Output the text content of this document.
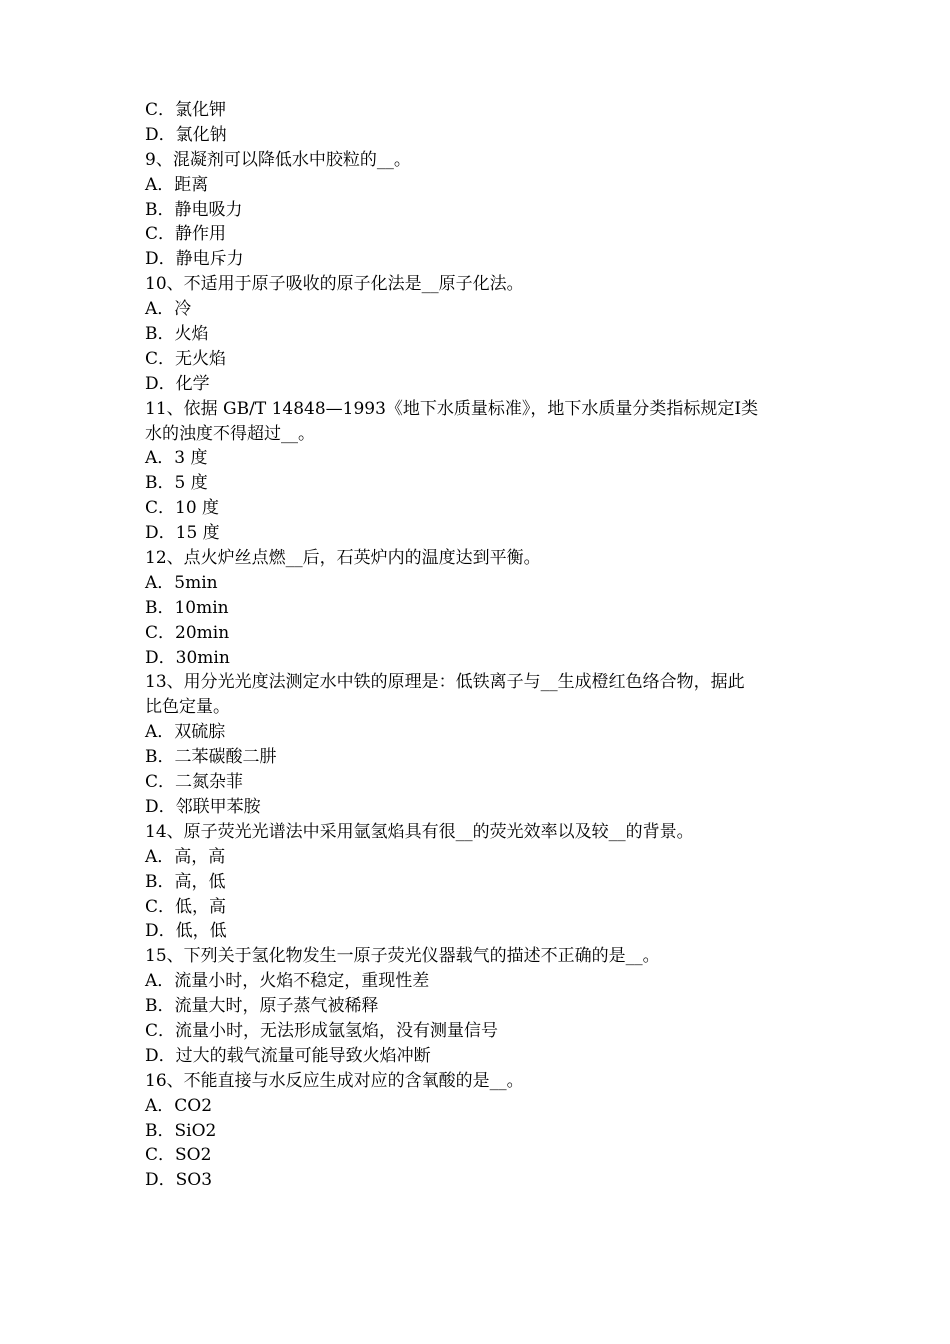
C．氯化钾
D．氯化钠
9、混凝剂可以降低水中胶粒的__。
A．距离
B．静电吸力
C．静作用
D．静电斥力
10、不适用于原子吸收的原子化法是__原子化法。
A．冷
B．火焰
C．无火焰
D．化学
11、依据 GB/T 14848—1993《地下水质量标准》，地下水质量分类指标规定Ⅰ类
水的浊度不得超过__。
A．3 度
B．5 度
C．10 度
D．15 度
12、点火炉丝点燃__后，石英炉内的温度达到平衡。
A．5min
B．10min
C．20min
D．30min
13、用分光光度法测定水中铁的原理是：低铁离子与__生成橙红色络合物，据此
比色定量。
A．双硫腙
B．二苯碳酸二肼
C．二氮杂菲
D．邻联甲苯胺
14、原子荧光光谱法中采用氩氢焰具有很__的荧光效率以及较__的背景。
A．高，高
B．高，低
C．低，高
D．低，低
15、下列关于氢化物发生一原子荧光仪器载气的描述不正确的是__。
A．流量小时，火焰不稳定，重现性差
B．流量大时，原子蒸气被稀释
C．流量小时，无法形成氩氢焰，没有测量信号
D．过大的载气流量可能导致火焰冲断
16、不能直接与水反应生成对应的含氧酸的是__。
A．CO2
B．SiO2
C．SO2
D．SO3
